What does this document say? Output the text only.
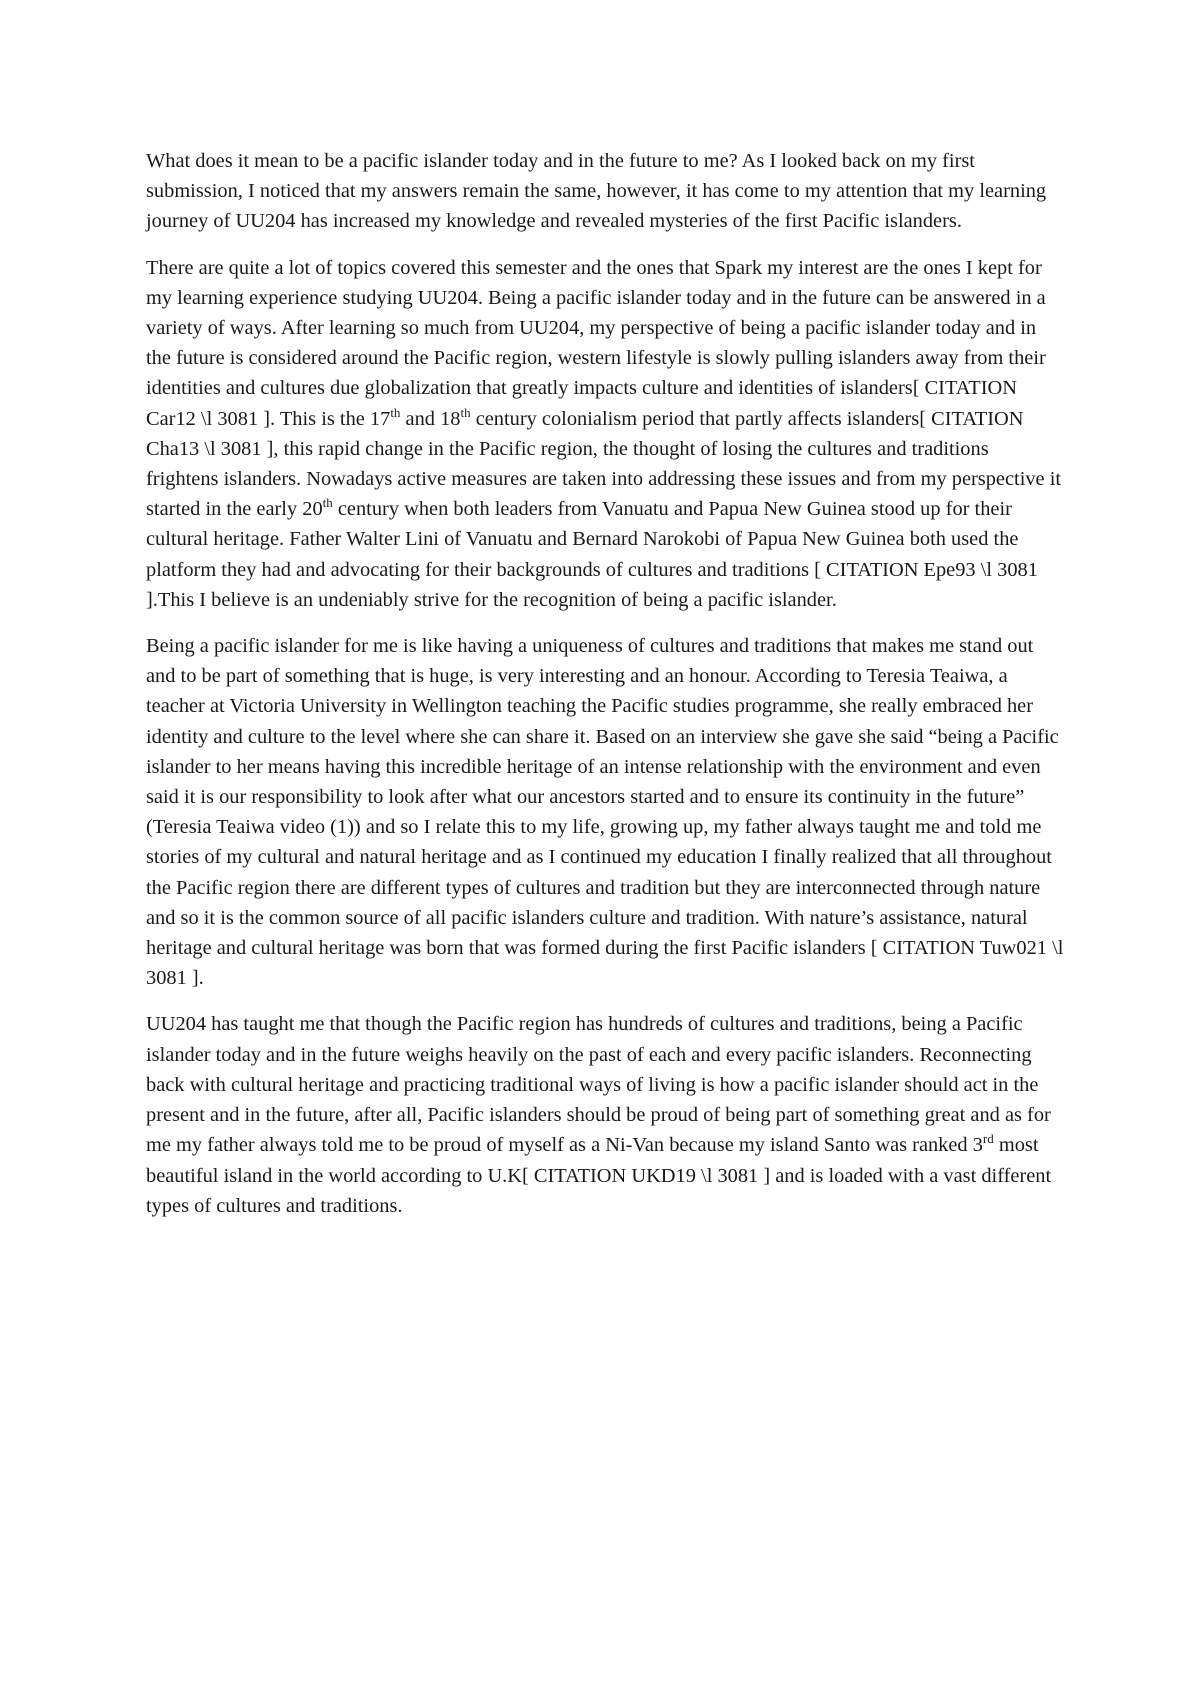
What does it mean to be a pacific islander today and in the future to me? As I looked back on my first submission, I noticed that my answers remain the same, however, it has come to my attention that my learning journey of UU204 has increased my knowledge and revealed mysteries of the first Pacific islanders.

There are quite a lot of topics covered this semester and the ones that Spark my interest are the ones I kept for my learning experience studying UU204. Being a pacific islander today and in the future can be answered in a variety of ways. After learning so much from UU204, my perspective of being a pacific islander today and in the future is considered around the Pacific region, western lifestyle is slowly pulling islanders away from their identities and cultures due globalization that greatly impacts culture and identities of islanders[ CITATION Car12 \l 3081 ]. This is the 17th and 18th century colonialism period that partly affects islanders[ CITATION Cha13 \l 3081 ], this rapid change in the Pacific region, the thought of losing the cultures and traditions frightens islanders. Nowadays active measures are taken into addressing these issues and from my perspective it started in the early 20th century when both leaders from Vanuatu and Papua New Guinea stood up for their cultural heritage. Father Walter Lini of Vanuatu and Bernard Narokobi of Papua New Guinea both used the platform they had and advocating for their backgrounds of cultures and traditions [ CITATION Epe93 \l 3081 ].This I believe is an undeniably strive for the recognition of being a pacific islander.

Being a pacific islander for me is like having a uniqueness of cultures and traditions that makes me stand out and to be part of something that is huge, is very interesting and an honour. According to Teresia Teaiwa, a teacher at Victoria University in Wellington teaching the Pacific studies programme, she really embraced her identity and culture to the level where she can share it. Based on an interview she gave she said “being a Pacific islander to her means having this incredible heritage of an intense relationship with the environment and even said it is our responsibility to look after what our ancestors started and to ensure its continuity in the future” (Teresia Teaiwa video (1)) and so I relate this to my life, growing up, my father always taught me and told me stories of my cultural and natural heritage and as I continued my education I finally realized that all throughout the Pacific region there are different types of cultures and tradition but they are interconnected through nature and so it is the common source of all pacific islanders culture and tradition. With nature’s assistance, natural heritage and cultural heritage was born that was formed during the first Pacific islanders [ CITATION Tuw021 \l 3081 ].

UU204 has taught me that though the Pacific region has hundreds of cultures and traditions, being a Pacific islander today and in the future weighs heavily on the past of each and every pacific islanders. Reconnecting back with cultural heritage and practicing traditional ways of living is how a pacific islander should act in the present and in the future, after all, Pacific islanders should be proud of being part of something great and as for me my father always told me to be proud of myself as a Ni-Van because my island Santo was ranked 3rd most beautiful island in the world according to U.K[ CITATION UKD19 \l 3081 ] and is loaded with a vast different types of cultures and traditions.
